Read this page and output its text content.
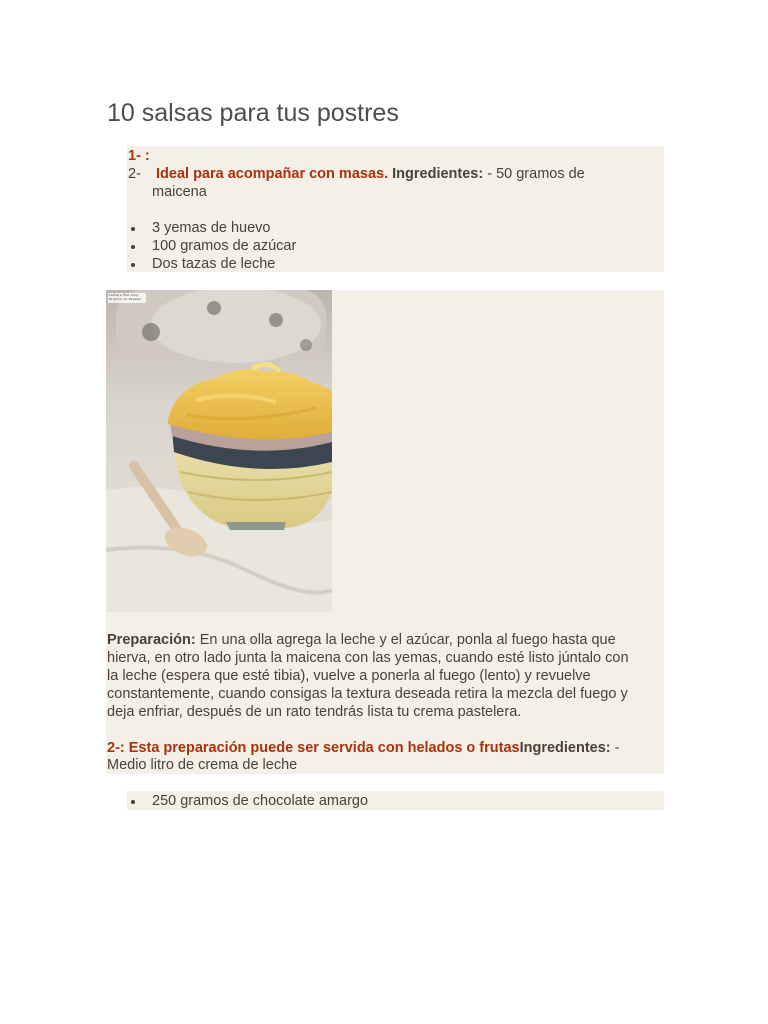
10 salsas para tus postres
1- :
2- Ideal para acompañar con masas. Ingredientes: - 50 gramos de
maicena
3 yemas de huevo
100 gramos de azúcar
Dos tazas de leche
Cuchara Mia blog
Directo al Paladar
Preparación: En una olla agrega la leche y el azúcar, ponla al fuego hasta que
hierva, en otro lado junta la maicena con las yemas, cuando esté listo júntalo con
la leche (espera que esté tibia), vuelve a ponerla al fuego (lento) y revuelve
constantemente, cuando consigas la textura deseada retira la mezcla del fuego y
deja enfriar, después de un rato tendrás lista tu crema pastelera.
2-: Esta preparación puede ser servida con helados o frutasIngredientes: -
Medio litro de crema de leche
250 gramos de chocolate amargo
